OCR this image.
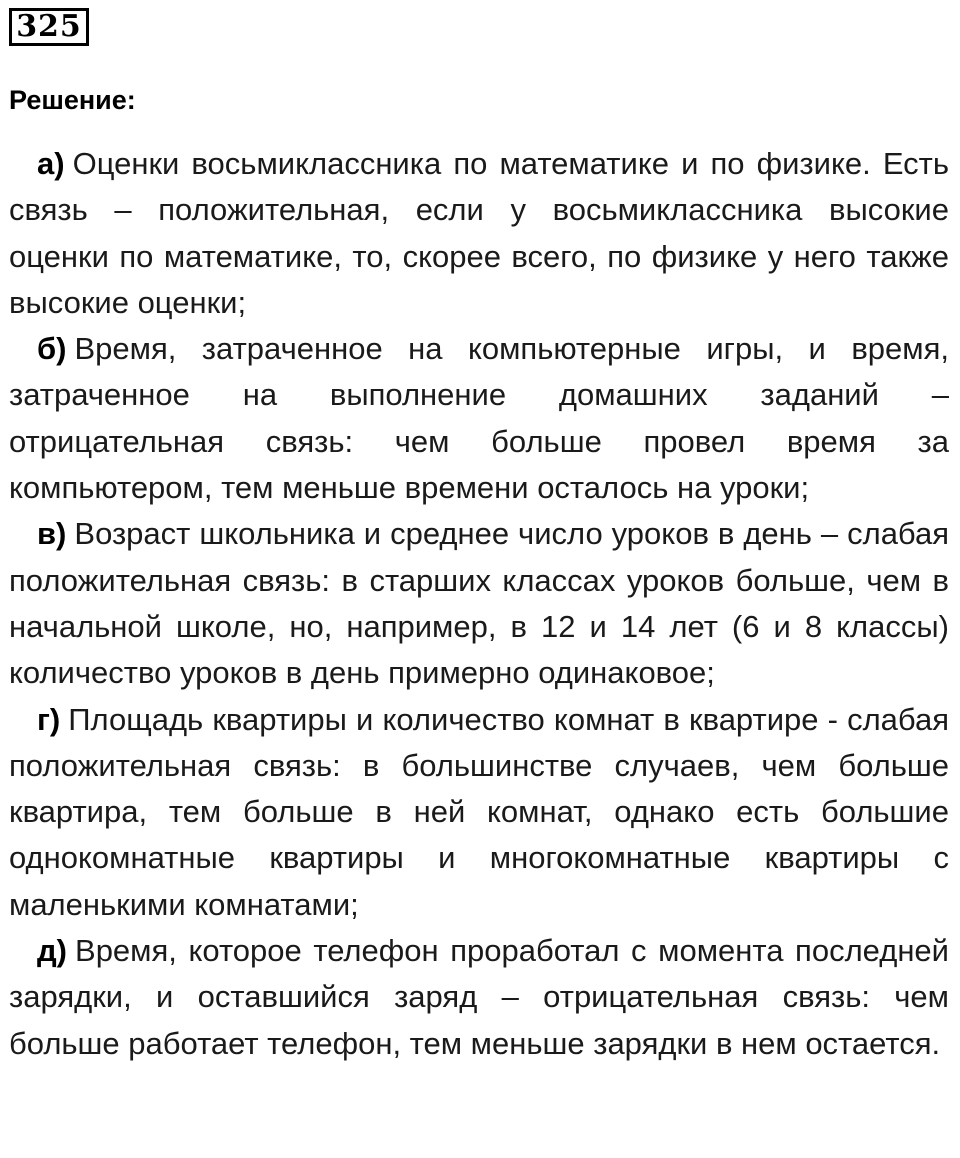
325
Решение:

а) Оценки восьмиклассника по математике и по физике. Есть связь – положительная, если у восьмиклассника высокие оценки по математике, то, скорее всего, по физике у него также высокие оценки;

б) Время, затраченное на компьютерные игры, и время, затраченное на выполнение домашних заданий – отрицательная связь: чем больше провел время за компьютером, тем меньше времени осталось на уроки;

в) Возраст школьника и среднее число уроков в день – слабая положительная связь: в старших классах уроков больше, чем в начальной школе, но, например, в 12 и 14 лет (6 и 8 классы) количество уроков в день примерно одинаковое;

г) Площадь квартиры и количество комнат в квартире - слабая положительная связь: в большинстве случаев, чем больше квартира, тем больше в ней комнат, однако есть большие однокомнатные квартиры и многокомнатные квартиры с маленькими комнатами;

д) Время, которое телефон проработал с момента последней зарядки, и оставшийся заряд – отрицательная связь: чем больше работает телефон, тем меньше зарядки в нем остается.
